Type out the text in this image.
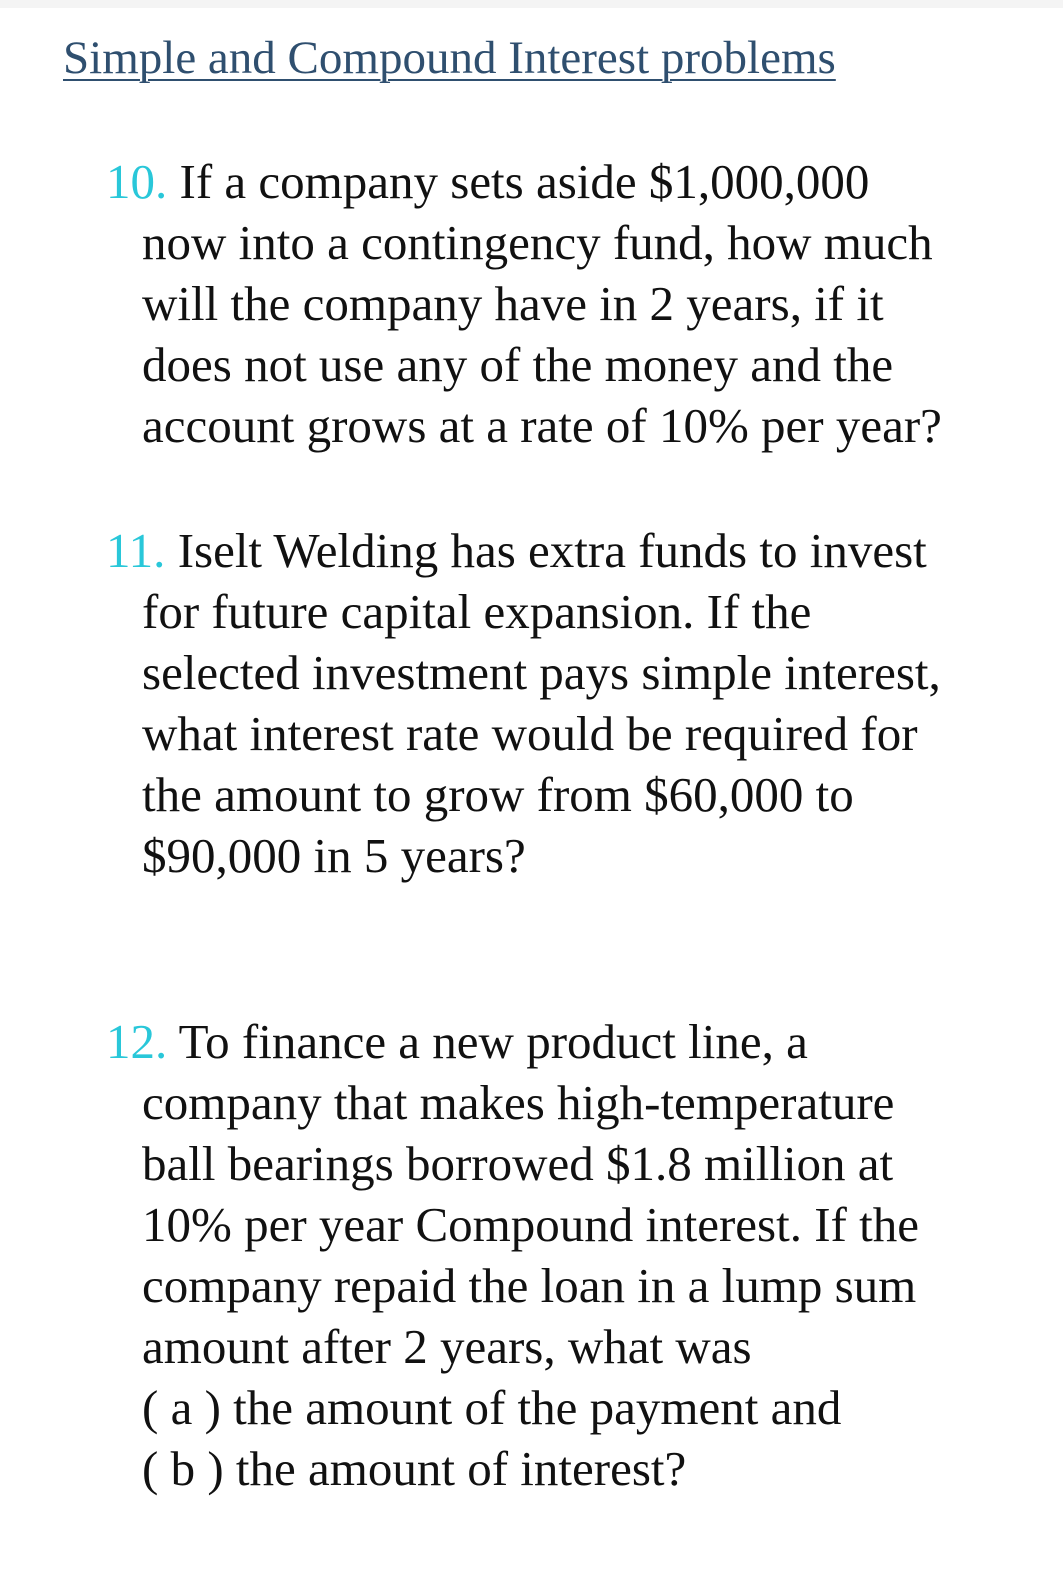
Simple and Compound Interest problems
10. If a company sets aside $1,000,000
now into a contingency fund, how much
will the company have in 2 years, if it
does not use any of the money and the
account grows at a rate of 10% per year?
11. Iselt Welding has extra funds to invest
for future capital expansion. If the
selected investment pays simple interest,
what interest rate would be required for
the amount to grow from $60,000 to
$90,000 in 5 years?
12. To finance a new product line, a
company that makes high-temperature
ball bearings borrowed $1.8 million at
10% per year Compound interest. If the
company repaid the loan in a lump sum
amount after 2 years, what was
( a ) the amount of the payment and
( b ) the amount of interest?
